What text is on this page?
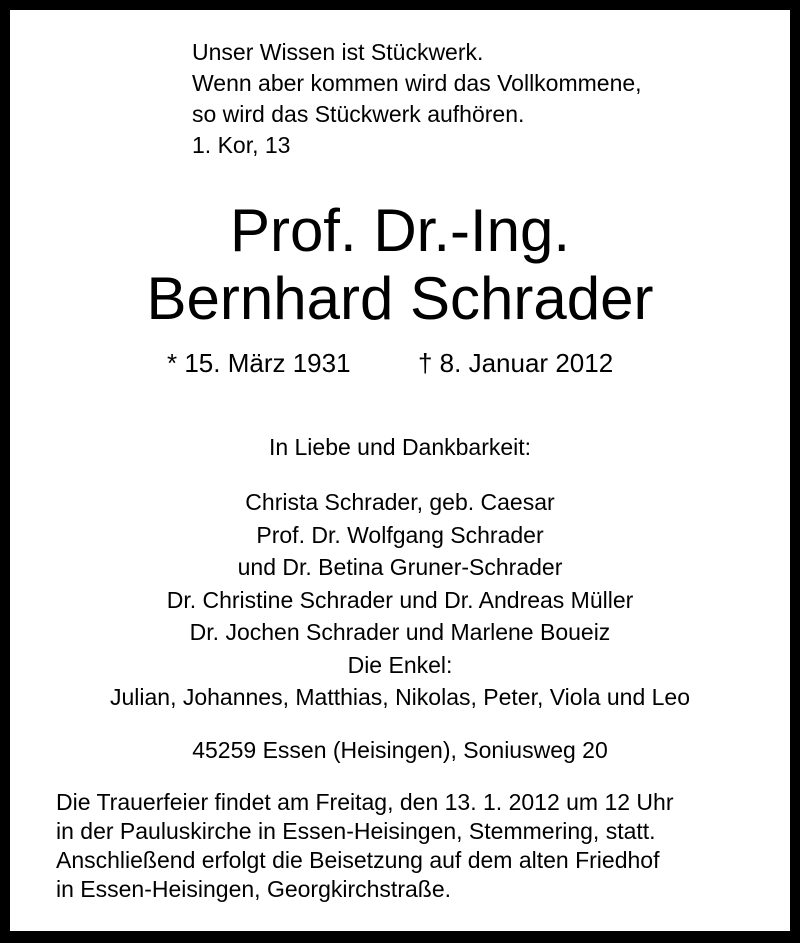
Unser Wissen ist Stückwerk.
Wenn aber kommen wird das Vollkommene,
so wird das Stückwerk aufhören.
1. Kor, 13
Prof. Dr.-Ing.
Bernhard Schrader
* 15. März 1931	† 8. Januar 2012
In Liebe und Dankbarkeit:
Christa Schrader, geb. Caesar
Prof. Dr. Wolfgang Schrader
und Dr. Betina Gruner-Schrader
Dr. Christine Schrader und Dr. Andreas Müller
Dr. Jochen Schrader und Marlene Boueiz
Die Enkel:
Julian, Johannes, Matthias, Nikolas, Peter, Viola und Leo
45259 Essen (Heisingen), Soniusweg 20
Die Trauerfeier findet am Freitag, den 13. 1. 2012 um 12 Uhr
in der Pauluskirche in Essen-Heisingen, Stemmering, statt.
Anschließend erfolgt die Beisetzung auf dem alten Friedhof
in Essen-Heisingen, Georgkirchstraße.
